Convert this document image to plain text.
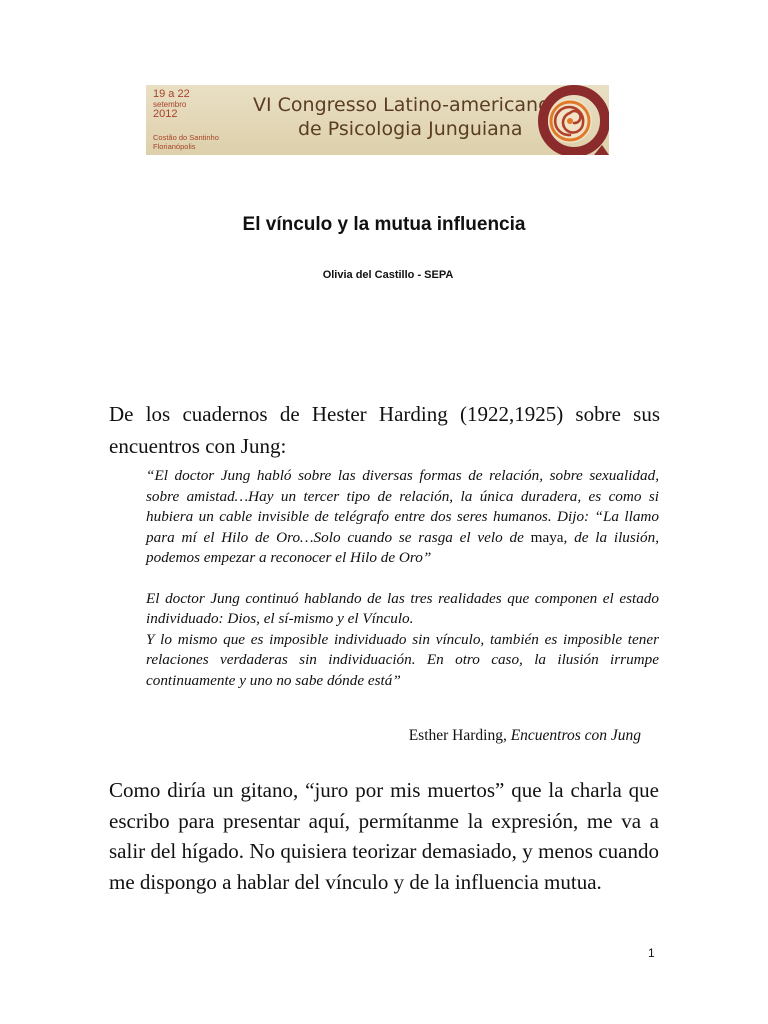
19 a 22
setembro
2012
Costão do Santinho
Florianópolis
VI Congresso Latino-americano
de Psicologia Junguiana
El vínculo y la mutua influencia
Olivia del Castillo - SEPA

De los cuadernos de Hester Harding (1922,1925) sobre sus encuentros con Jung:

“El doctor Jung habló sobre las diversas formas de relación, sobre sexualidad, sobre amistad…Hay un tercer tipo de relación, la única duradera, es como si hubiera un cable invisible de telégrafo entre dos seres humanos. Dijo: “La llamo para mí el Hilo de Oro…Solo cuando se rasga el velo de maya, de la ilusión, podemos empezar a reconocer el Hilo de Oro”

El doctor Jung continuó hablando de las tres realidades que componen el estado individuado: Dios, el sí-mismo y el Vínculo.

Y lo mismo que es imposible individuado sin vínculo, también es imposible tener relaciones verdaderas sin individuación. En otro caso, la ilusión irrumpe continuamente y uno no sabe dónde está”

Esther Harding, Encuentros con Jung

Como diría un gitano, “juro por mis muertos” que la charla que escribo para presentar aquí, permítanme la expresión, me va a salir del hígado. No quisiera teorizar demasiado, y menos cuando me dispongo a hablar del vínculo y de la influencia mutua.

1
